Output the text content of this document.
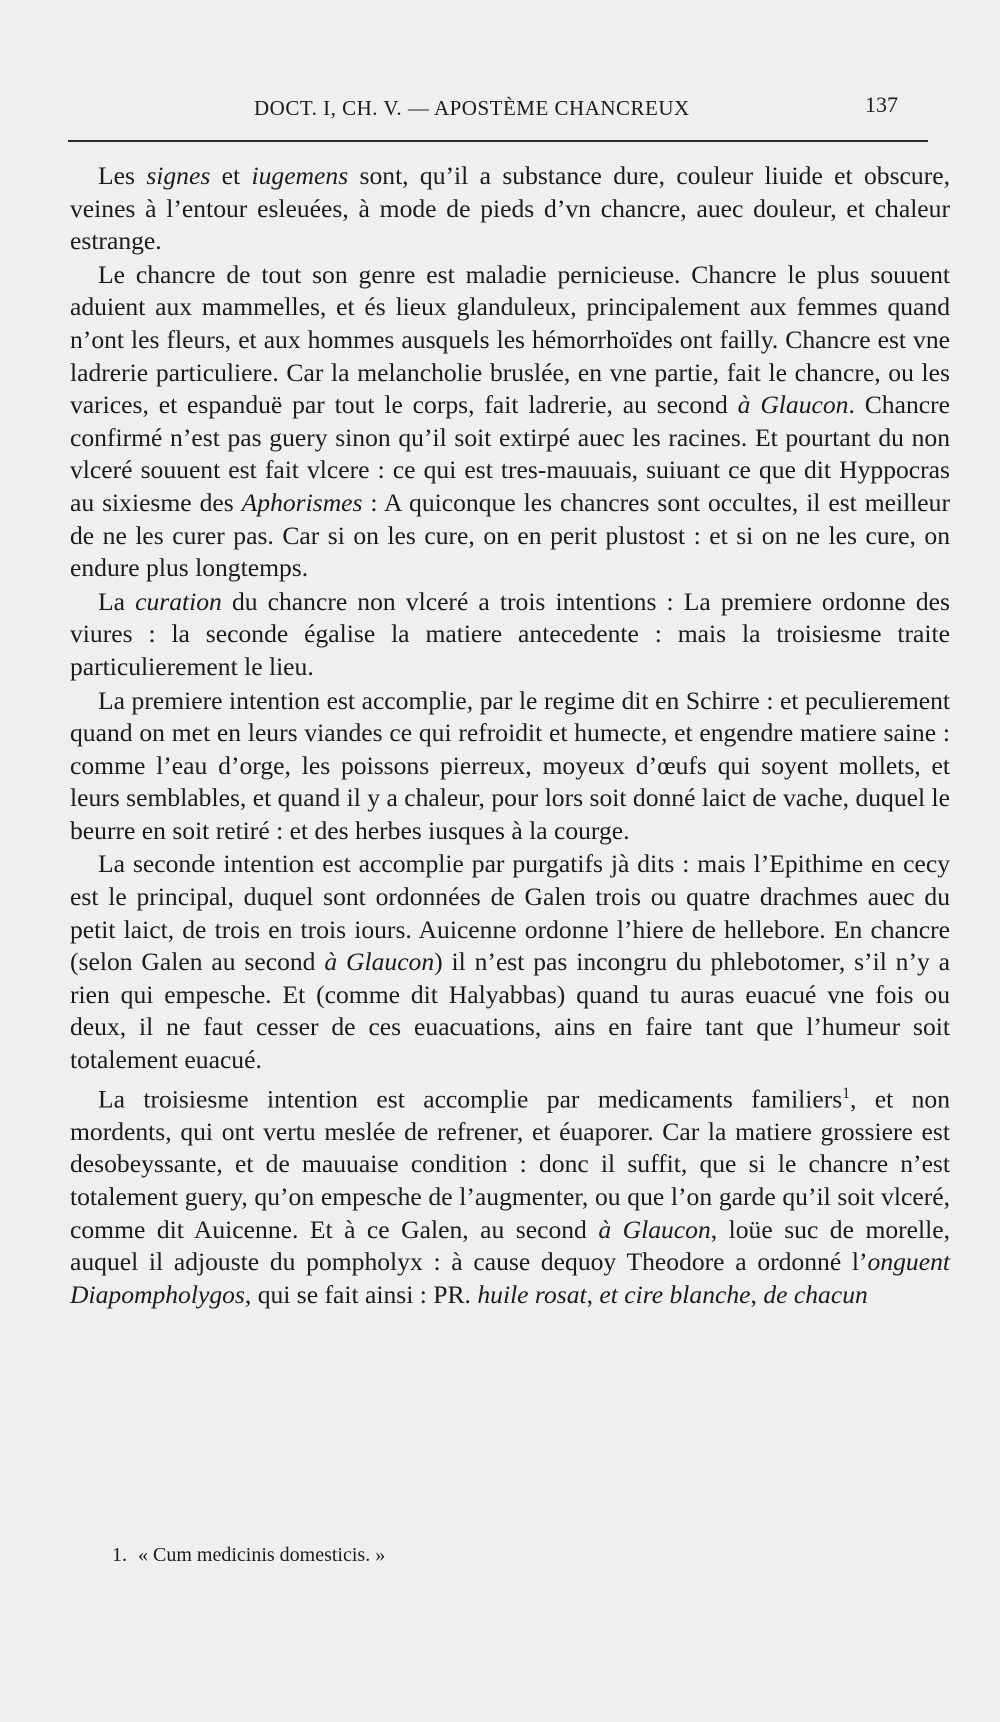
DOCT. I, CH. V. — APOSTÈME CHANCREUX	137

Les signes et iugemens sont, qu’il a substance dure, couleur liuide et obscure, veines à l’entour esleuées, à mode de pieds d’vn chancre, auec douleur, et chaleur estrange.

Le chancre de tout son genre est maladie pernicieuse. Chancre le plus souuent aduient aux mammelles, et és lieux glanduleux, principalement aux femmes quand n’ont les fleurs, et aux hommes ausquels les hémorrhoïdes ont failly. Chancre est vne ladrerie particuliere. Car la melancholie bruslée, en vne partie, fait le chancre, ou les varices, et espanduë par tout le corps, fait ladrerie, au second à Glaucon. Chancre confirmé n’est pas guery sinon qu’il soit extirpé auec les racines. Et pourtant du non vlceré souuent est fait vlcere : ce qui est tres-mauuais, suiuant ce que dit Hyppocras au sixiesme des Aphorismes : A quiconque les chancres sont occultes, il est meilleur de ne les curer pas. Car si on les cure, on en perit plustost : et si on ne les cure, on endure plus longtemps.

La curation du chancre non vlceré a trois intentions : La premiere ordonne des viures : la seconde égalise la matiere antecedente : mais la troisiesme traite particulierement le lieu.

La premiere intention est accomplie, par le regime dit en Schirre : et peculierement quand on met en leurs viandes ce qui refroidit et humecte, et engendre matiere saine : comme l’eau d’orge, les poissons pierreux, moyeux d’œufs qui soyent mollets, et leurs semblables, et quand il y a chaleur, pour lors soit donné laict de vache, duquel le beurre en soit retiré : et des herbes iusques à la courge.

La seconde intention est accomplie par purgatifs jà dits : mais l’Epithime en cecy est le principal, duquel sont ordonnées de Galen trois ou quatre drachmes auec du petit laict, de trois en trois iours. Auicenne ordonne l’hiere de hellebore. En chancre (selon Galen au second à Glaucon) il n’est pas incongru du phlebotomer, s’il n’y a rien qui empesche. Et (comme dit Halyabbas) quand tu auras euacué vne fois ou deux, il ne faut cesser de ces euacuations, ains en faire tant que l’humeur soit totalement euacué.

La troisiesme intention est accomplie par medicaments familiers$^1$, et non mordents, qui ont vertu meslée de refrener, et éuaporer. Car la matiere grossiere est desobeyssante, et de mauuaise condition : donc il suffit, que si le chancre n’est totalement guery, qu’on empesche de l’augmenter, ou que l’on garde qu’il soit vlceré, comme dit Auicenne. Et à ce Galen, au second à Glaucon, loüe suc de morelle, auquel il adjouste du pompholyx : à cause dequoy Theodore a ordonné l’onguent Diapompholygos, qui se fait ainsi : PR. huile rosat, et cire blanche, de chacun

1. « Cum medicinis domesticis. »
